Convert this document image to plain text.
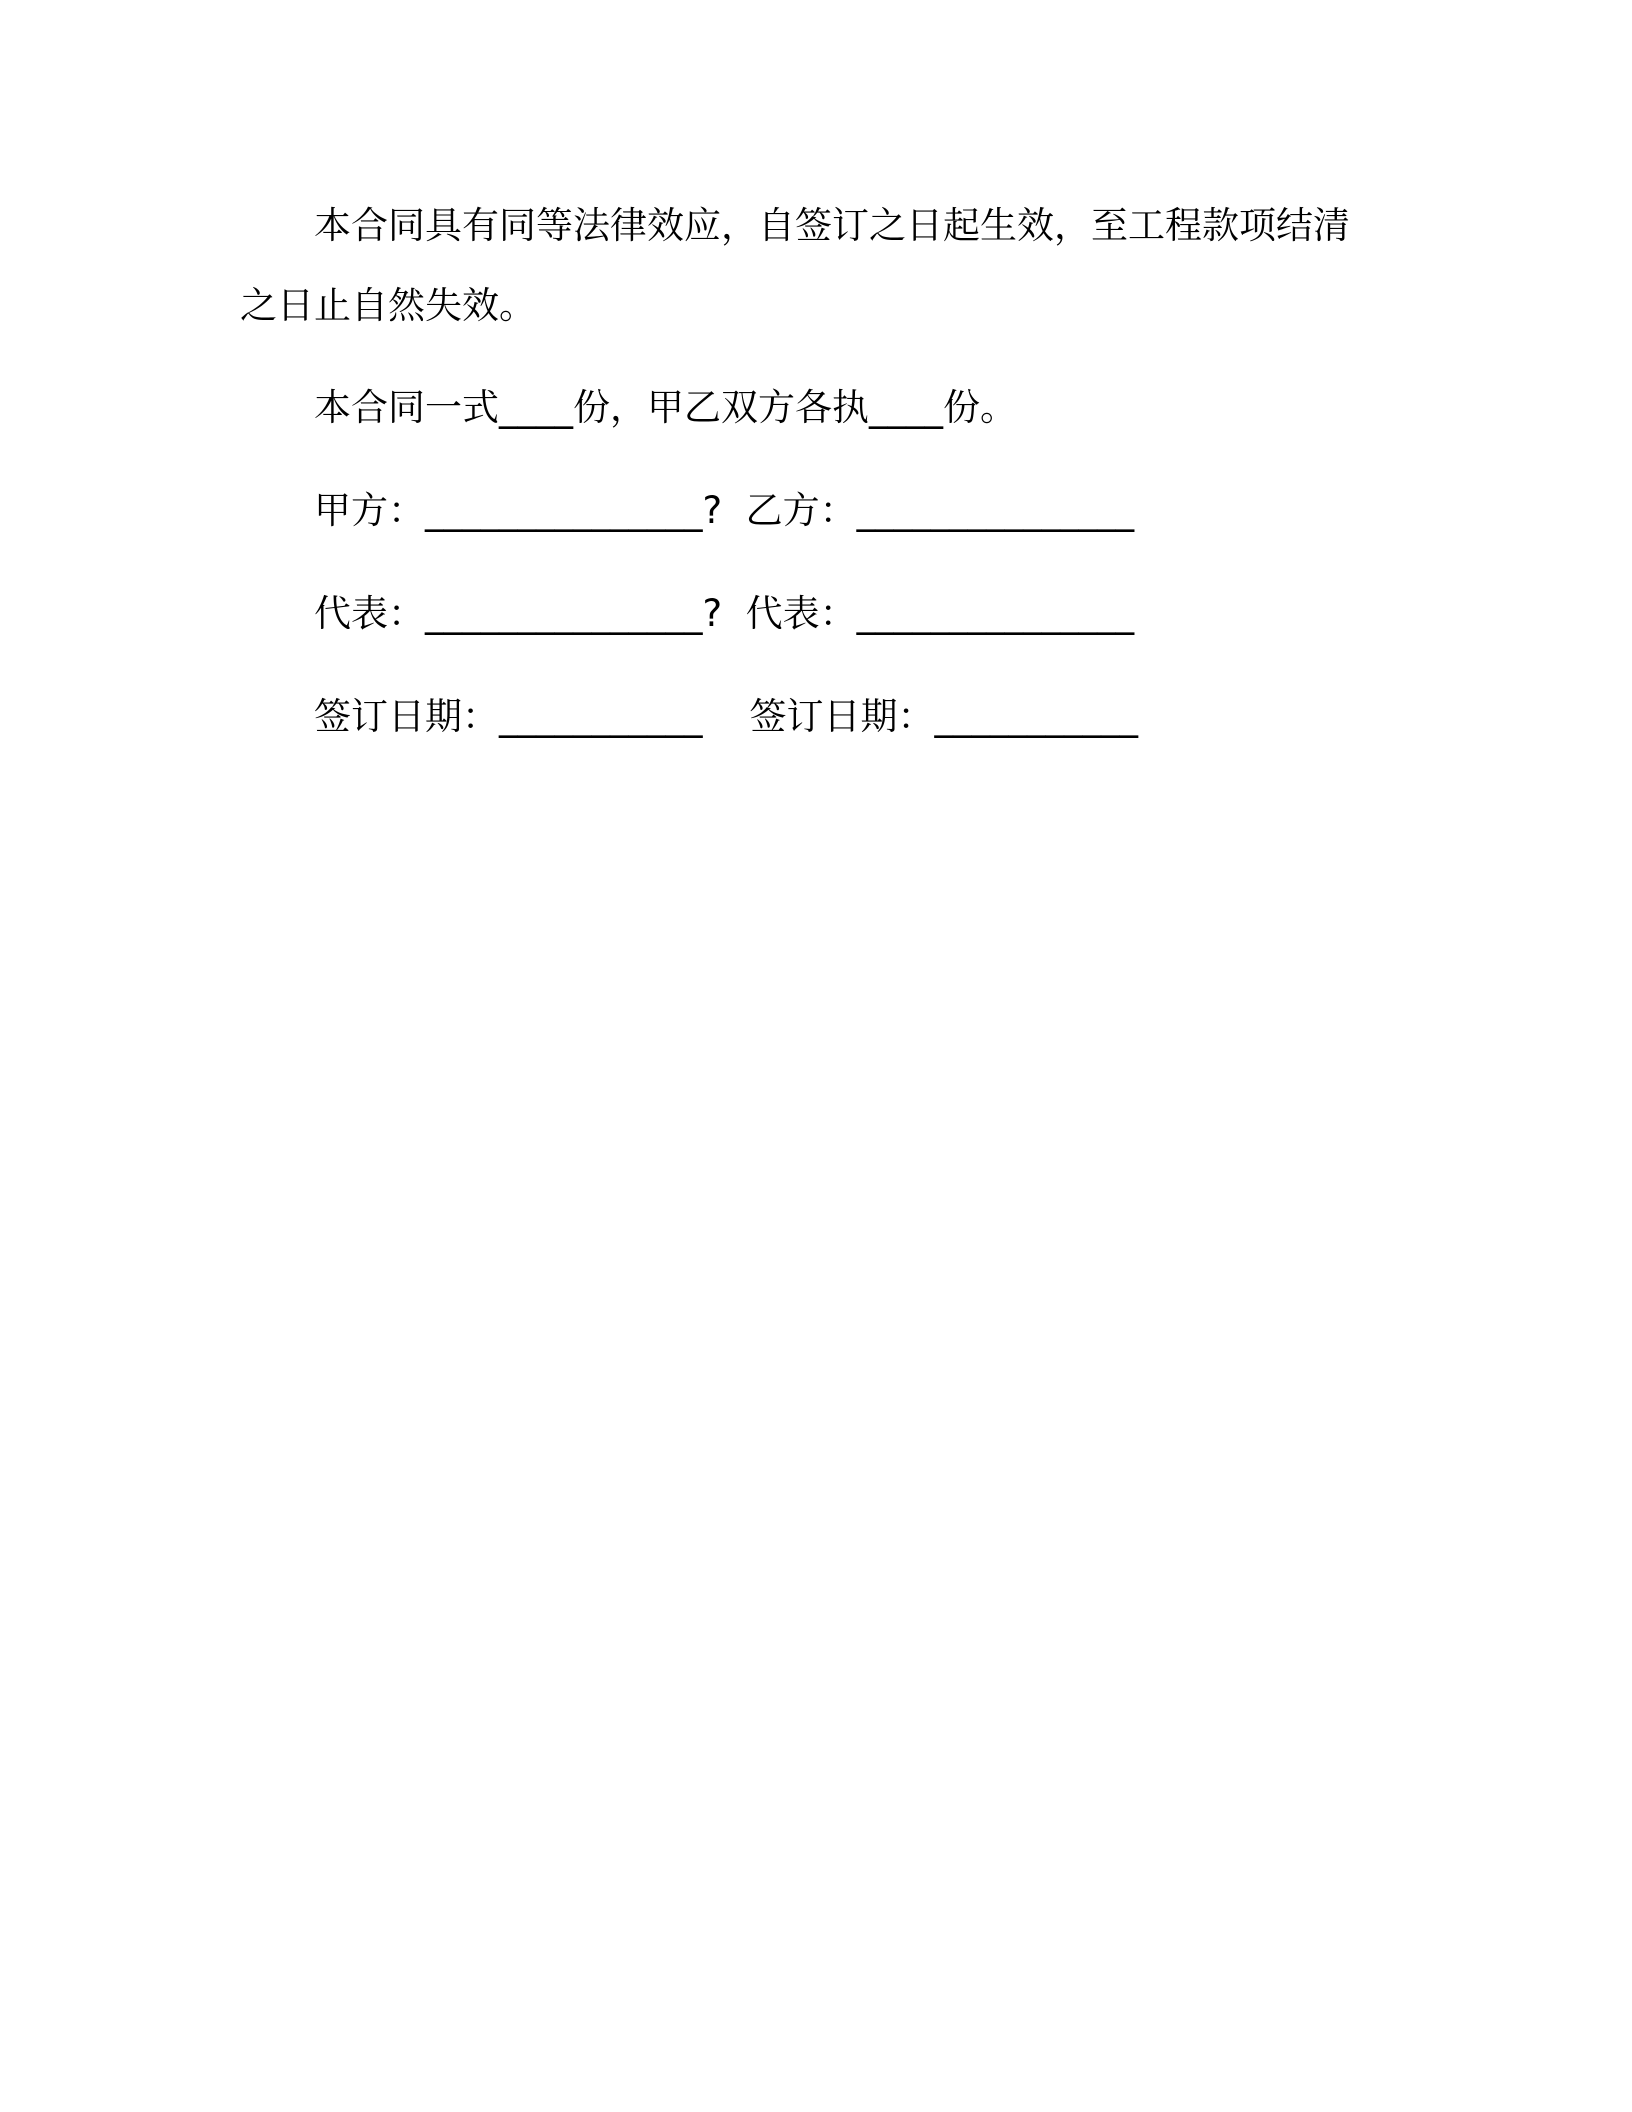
本合同具有同等法律效应，自签订之日起生效，至工程款项结清之日止自然失效。

本合同一式____份，甲乙双方各执____份。

甲方：_______________?  乙方：_______________
代表：_______________?  代表：_______________
签订日期：___________    签订日期：___________
